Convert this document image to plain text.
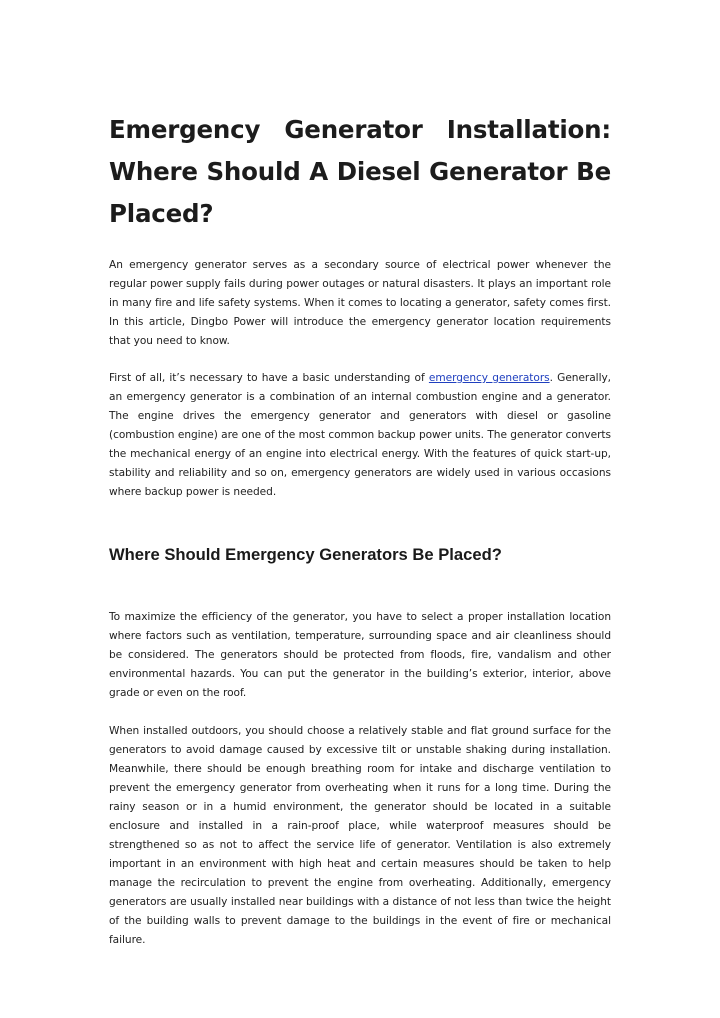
Emergency Generator Installation: Where Should A Diesel Generator Be Placed?

An emergency generator serves as a secondary source of electrical power whenever the regular power supply fails during power outages or natural disasters. It plays an important role in many fire and life safety systems. When it comes to locating a generator, safety comes first. In this article, Dingbo Power will introduce the emergency generator location requirements that you need to know.

First of all, it’s necessary to have a basic understanding of emergency generators. Generally, an emergency generator is a combination of an internal combustion engine and a generator. The engine drives the emergency generator and generators with diesel or gasoline (combustion engine) are one of the most common backup power units. The generator converts the mechanical energy of an engine into electrical energy. With the features of quick start-up, stability and reliability and so on, emergency generators are widely used in various occasions where backup power is needed.

Where Should Emergency Generators Be Placed?

To maximize the efficiency of the generator, you have to select a proper installation location where factors such as ventilation, temperature, surrounding space and air cleanliness should be considered. The generators should be protected from floods, fire, vandalism and other environmental hazards. You can put the generator in the building’s exterior, interior, above grade or even on the roof.

When installed outdoors, you should choose a relatively stable and flat ground surface for the generators to avoid damage caused by excessive tilt or unstable shaking during installation. Meanwhile, there should be enough breathing room for intake and discharge ventilation to prevent the emergency generator from overheating when it runs for a long time. During the rainy season or in a humid environment, the generator should be located in a suitable enclosure and installed in a rain-proof place, while waterproof measures should be strengthened so as not to affect the service life of generator. Ventilation is also extremely important in an environment with high heat and certain measures should be taken to help manage the recirculation to prevent the engine from overheating. Additionally, emergency generators are usually installed near buildings with a distance of not less than twice the height of the building walls to prevent damage to the buildings in the event of fire or mechanical failure.
